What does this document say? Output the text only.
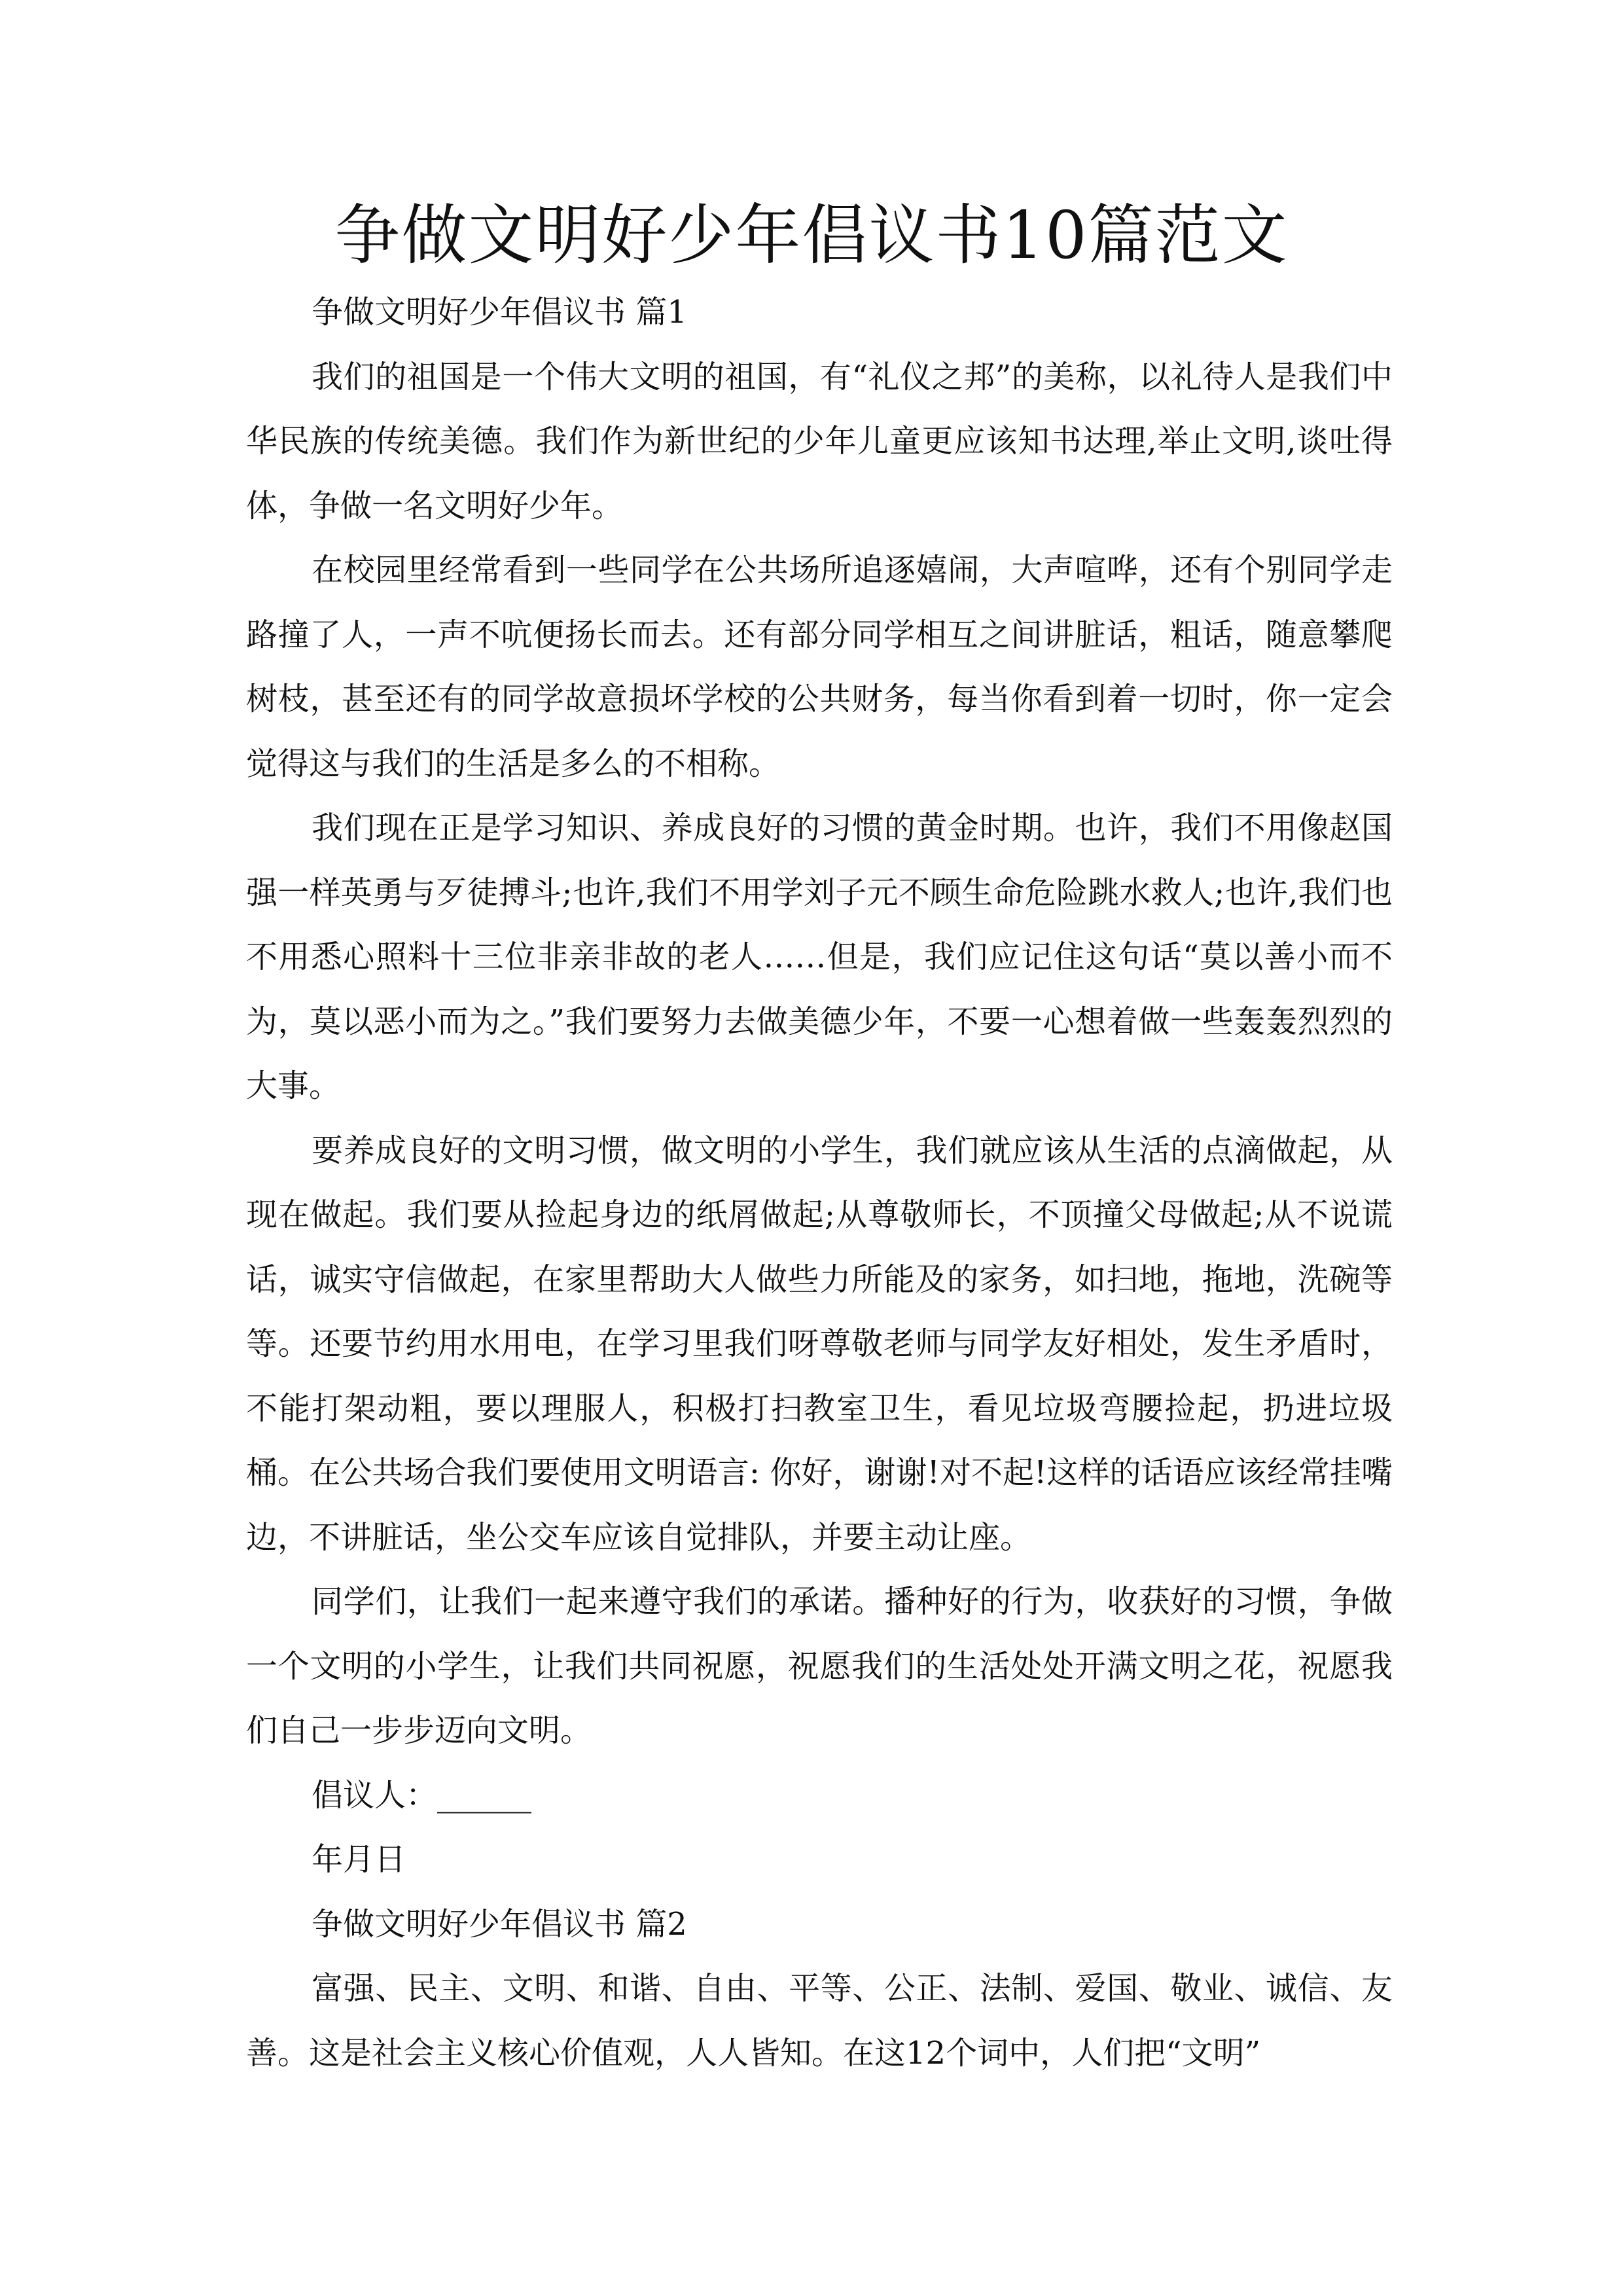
争做文明好少年倡议书10篇范文

争做文明好少年倡议书 篇1

我们的祖国是一个伟大文明的祖国，有“礼仪之邦”的美称，以礼待人是我们中华民族的传统美德。我们作为新世纪的少年儿童更应该知书达理,举止文明,谈吐得体，争做一名文明好少年。

在校园里经常看到一些同学在公共场所追逐嬉闹，大声喧哗，还有个别同学走路撞了人，一声不吭便扬长而去。还有部分同学相互之间讲脏话，粗话，随意攀爬树枝，甚至还有的同学故意损坏学校的公共财务，每当你看到着一切时，你一定会觉得这与我们的生活是多么的不相称。

我们现在正是学习知识、养成良好的习惯的黄金时期。也许，我们不用像赵国强一样英勇与歹徒搏斗;也许,我们不用学刘子元不顾生命危险跳水救人;也许,我们也不用悉心照料十三位非亲非故的老人……但是，我们应记住这句话“莫以善小而不为，莫以恶小而为之。”我们要努力去做美德少年，不要一心想着做一些轰轰烈烈的大事。

要养成良好的文明习惯，做文明的小学生，我们就应该从生活的点滴做起，从现在做起。我们要从捡起身边的纸屑做起;从尊敬师长，不顶撞父母做起;从不说谎话，诚实守信做起，在家里帮助大人做些力所能及的家务，如扫地，拖地，洗碗等等。还要节约用水用电，在学习里我们呀尊敬老师与同学友好相处，发生矛盾时，不能打架动粗，要以理服人，积极打扫教室卫生，看见垃圾弯腰捡起，扔进垃圾桶。在公共场合我们要使用文明语言: 你好，谢谢!对不起!这样的话语应该经常挂嘴边，不讲脏话，坐公交车应该自觉排队，并要主动让座。

同学们，让我们一起来遵守我们的承诺。播种好的行为，收获好的习惯，争做一个文明的小学生，让我们共同祝愿，祝愿我们的生活处处开满文明之花，祝愿我们自己一步步迈向文明。

倡议人：______

年月日

争做文明好少年倡议书 篇2

富强、民主、文明、和谐、自由、平等、公正、法制、爱国、敬业、诚信、友善。这是社会主义核心价值观，人人皆知。在这12个词中，人们把“文明”
